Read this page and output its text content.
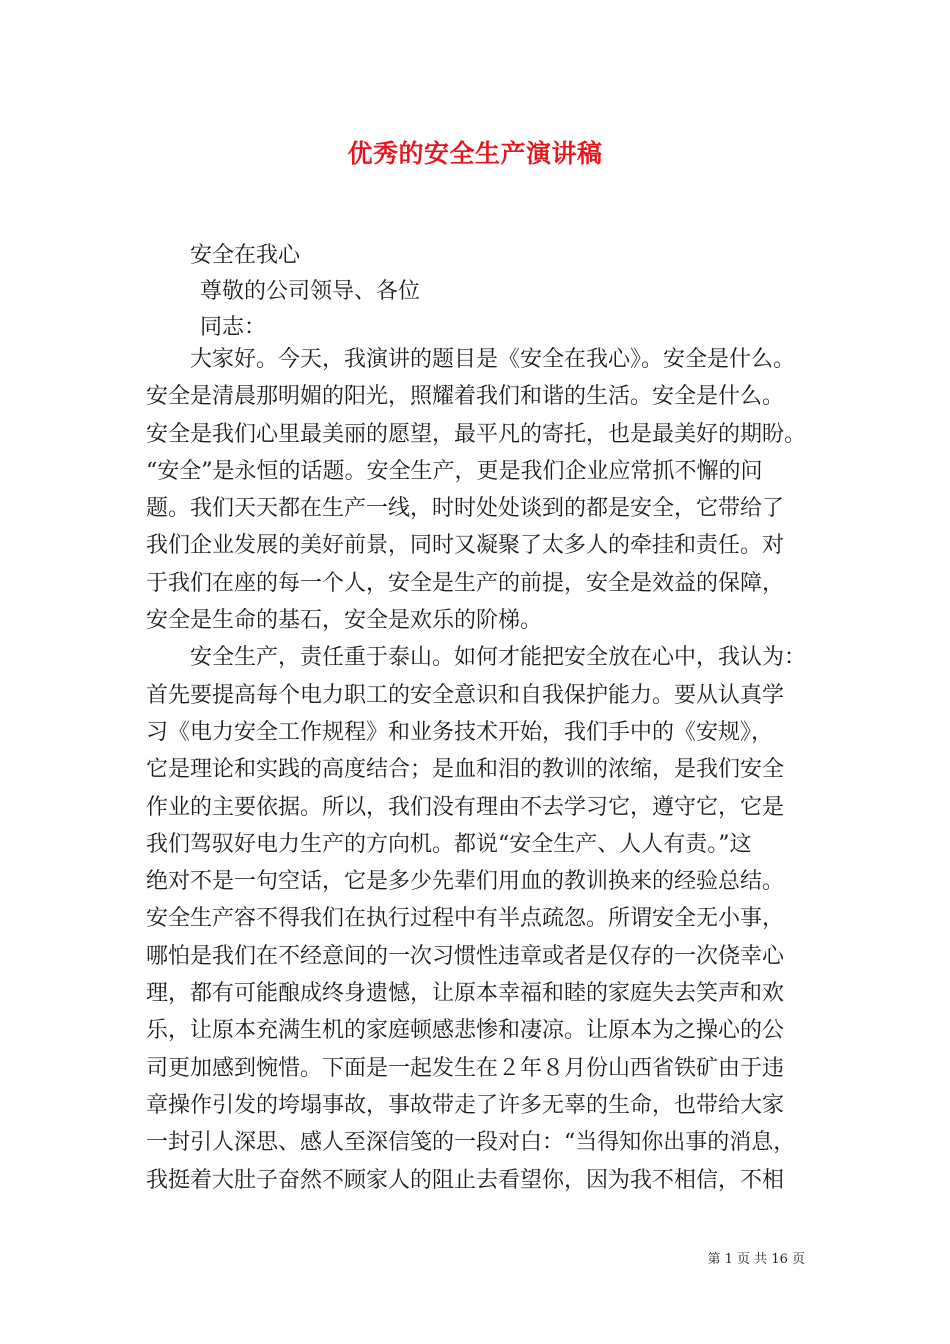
优秀的安全生产演讲稿
安全在我心
尊敬的公司领导、各位
同志：
　　大家好。今天，我演讲的题目是《安全在我心》。安全是什么。
安全是清晨那明媚的阳光，照耀着我们和谐的生活。安全是什么。
安全是我们心里最美丽的愿望，最平凡的寄托，也是最美好的期盼。
“安全”是永恒的话题。安全生产，更是我们企业应常抓不懈的问
题。我们天天都在生产一线，时时处处谈到的都是安全，它带给了
我们企业发展的美好前景，同时又凝聚了太多人的牵挂和责任。对
于我们在座的每一个人，安全是生产的前提，安全是效益的保障，
安全是生命的基石，安全是欢乐的阶梯。
　　安全生产，责任重于泰山。如何才能把安全放在心中，我认为：
首先要提高每个电力职工的安全意识和自我保护能力。要从认真学
习《电力安全工作规程》和业务技术开始，我们手中的《安规》，
它是理论和实践的高度结合；是血和泪的教训的浓缩，是我们安全
作业的主要依据。所以，我们没有理由不去学习它，遵守它，它是
我们驾驭好电力生产的方向机。都说“安全生产、人人有责。”这
绝对不是一句空话，它是多少先辈们用血的教训换来的经验总结。
安全生产容不得我们在执行过程中有半点疏忽。所谓安全无小事，
哪怕是我们在不经意间的一次习惯性违章或者是仅存的一次侥幸心
理，都有可能酿成终身遗憾，让原本幸福和睦的家庭失去笑声和欢
乐，让原本充满生机的家庭顿感悲惨和凄凉。让原本为之操心的公
司更加感到惋惜。下面是一起发生在２年８月份山西省铁矿由于违
章操作引发的垮塌事故，事故带走了许多无辜的生命，也带给大家
一封引人深思、感人至深信笺的一段对白：“当得知你出事的消息，
我挺着大肚子奋然不顾家人的阻止去看望你，因为我不相信，不相
第 1 页 共 16 页
